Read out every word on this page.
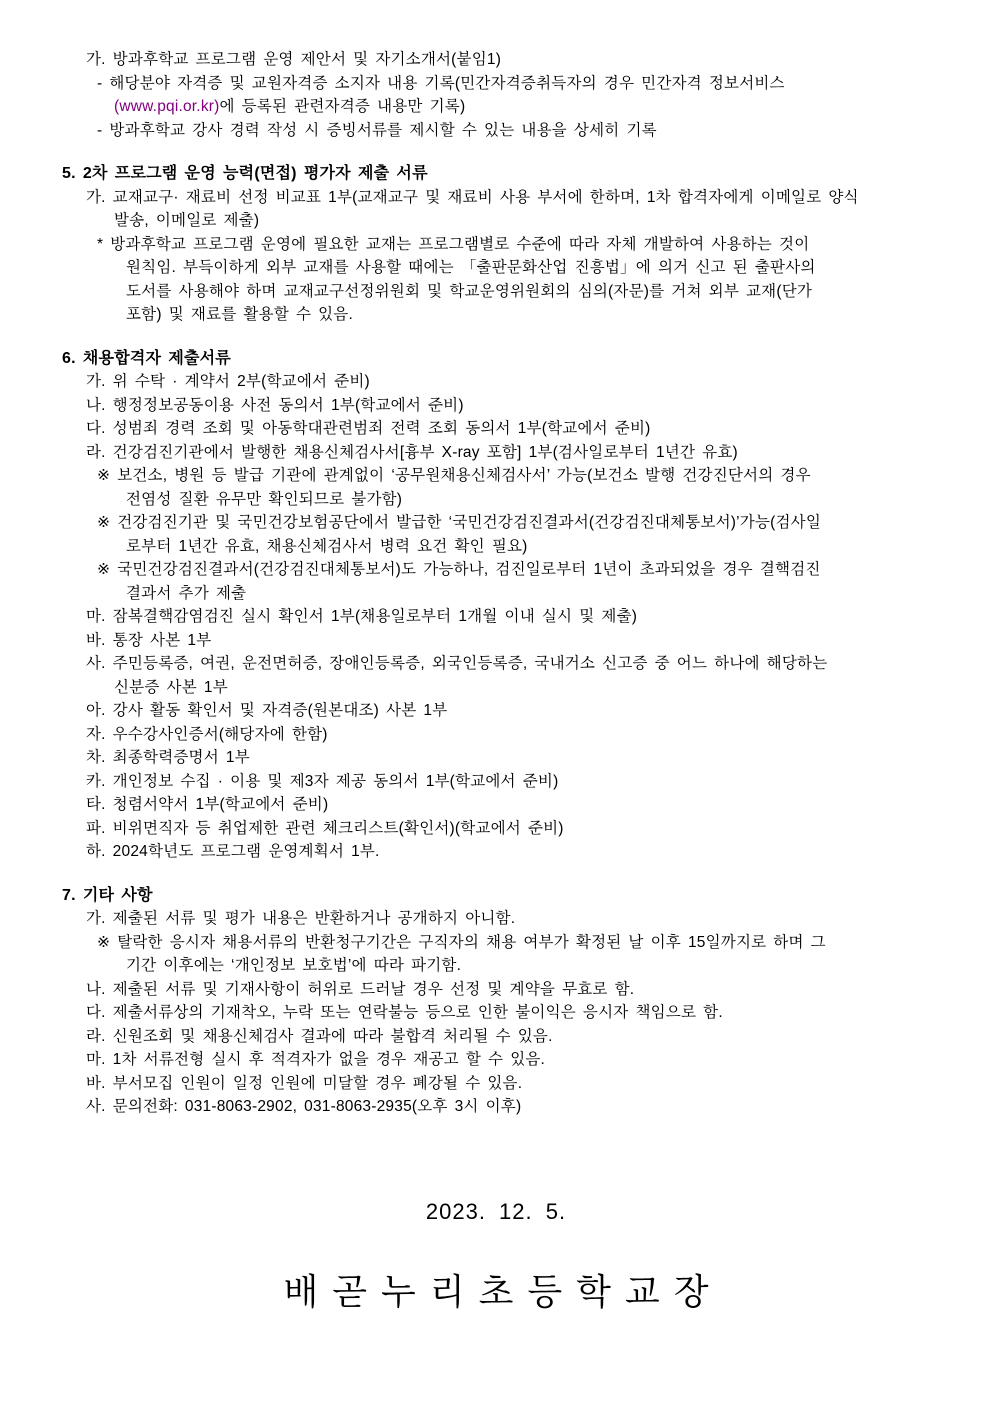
가. 방과후학교 프로그램 운영 제안서 및 자기소개서(붙임1)
- 해당분야 자격증 및 교원자격증 소지자 내용 기록(민간자격증취득자의 경우 민간자격 정보서비스
(www.pqi.or.kr)에 등록된 관련자격증 내용만 기록)
- 방과후학교 강사 경력 작성 시 증빙서류를 제시할 수 있는 내용을 상세히 기록
5. 2차 프로그램 운영 능력(면접) 평가자 제출 서류
가. 교재교구· 재료비 선정 비교표 1부(교재교구 및 재료비 사용 부서에 한하며, 1차 합격자에게 이메일로 양식
발송, 이메일로 제출)
* 방과후학교 프로그램 운영에 필요한 교재는 프로그램별로 수준에 따라 자체 개발하여 사용하는 것이
원칙임. 부득이하게 외부 교재를 사용할 때에는 「출판문화산업 진흥법」에 의거 신고 된 출판사의
도서를 사용해야 하며 교재교구선정위원회 및 학교운영위원회의 심의(자문)를 거쳐 외부 교재(단가
포함) 및 재료를 활용할 수 있음.
6. 채용합격자 제출서류
가. 위 수탁 · 계약서 2부(학교에서 준비)
나. 행정정보공동이용 사전 동의서 1부(학교에서 준비)
다. 성범죄 경력 조회 및 아동학대관련범죄 전력 조회 동의서 1부(학교에서 준비)
라. 건강검진기관에서 발행한 채용신체검사서[흉부 X-ray 포함] 1부(검사일로부터 1년간 유효)
※ 보건소, 병원 등 발급 기관에 관계없이 ‘공무원채용신체검사서’ 가능(보건소 발행 건강진단서의 경우
전염성 질환 유무만 확인되므로 불가함)
※ 건강검진기관 및 국민건강보험공단에서 발급한 ‘국민건강검진결과서(건강검진대체통보서)’가능(검사일
로부터 1년간 유효, 채용신체검사서 병력 요건 확인 필요)
※ 국민건강검진결과서(건강검진대체통보서)도 가능하나, 검진일로부터 1년이 초과되었을 경우 결핵검진
결과서 추가 제출
마. 잠복결핵감염검진 실시 확인서 1부(채용일로부터 1개월 이내 실시 및 제출)
바. 통장 사본 1부
사. 주민등록증, 여권, 운전면허증, 장애인등록증, 외국인등록증, 국내거소 신고증 중 어느 하나에 해당하는
신분증 사본 1부
아. 강사 활동 확인서 및 자격증(원본대조) 사본 1부
자. 우수강사인증서(해당자에 한함)
차. 최종학력증명서 1부
카. 개인정보 수집 · 이용 및 제3자 제공 동의서 1부(학교에서 준비)
타. 청렴서약서 1부(학교에서 준비)
파. 비위면직자 등 취업제한 관련 체크리스트(확인서)(학교에서 준비)
하. 2024학년도 프로그램 운영계획서 1부.
7. 기타 사항
가. 제출된 서류 및 평가 내용은 반환하거나 공개하지 아니함.
※ 탈락한 응시자 채용서류의 반환청구기간은 구직자의 채용 여부가 확정된 날 이후 15일까지로 하며 그
기간 이후에는 ‘개인정보 보호법’에 따라 파기함.
나. 제출된 서류 및 기재사항이 허위로 드러날 경우 선정 및 계약을 무효로 함.
다. 제출서류상의 기재착오, 누락 또는 연락불능 등으로 인한 불이익은 응시자 책임으로 함.
라. 신원조회 및 채용신체검사 결과에 따라 불합격 처리될 수 있음.
마. 1차 서류전형 실시 후 적격자가 없을 경우 재공고 할 수 있음.
바. 부서모집 인원이 일정 인원에 미달할 경우 폐강될 수 있음.
사. 문의전화: 031-8063-2902, 031-8063-2935(오후 3시 이후)
2023. 12. 5.
배곧누리초등학교장
